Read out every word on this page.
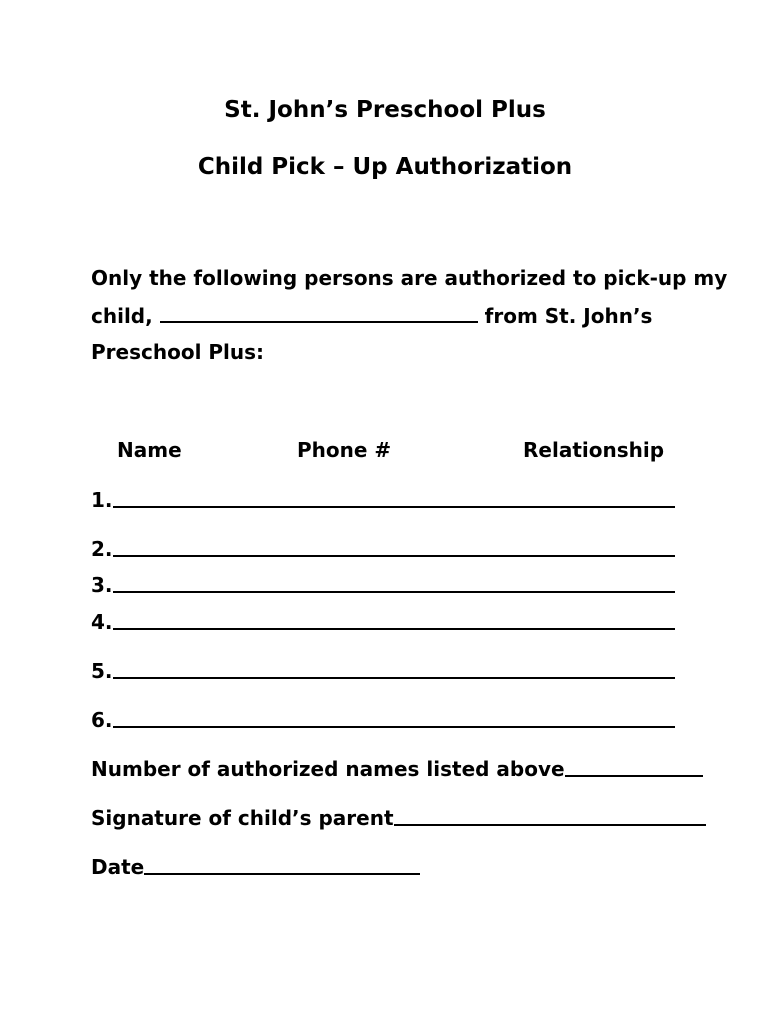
St. John’s Preschool Plus
Child Pick – Up Authorization
Only the following persons are authorized to pick-up my
child,	from St. John’s
Preschool Plus:
Name	Phone #	Relationship
1.
2.
3.
4.
5.
6.
Number of authorized names listed above
Signature of child’s parent
Date
